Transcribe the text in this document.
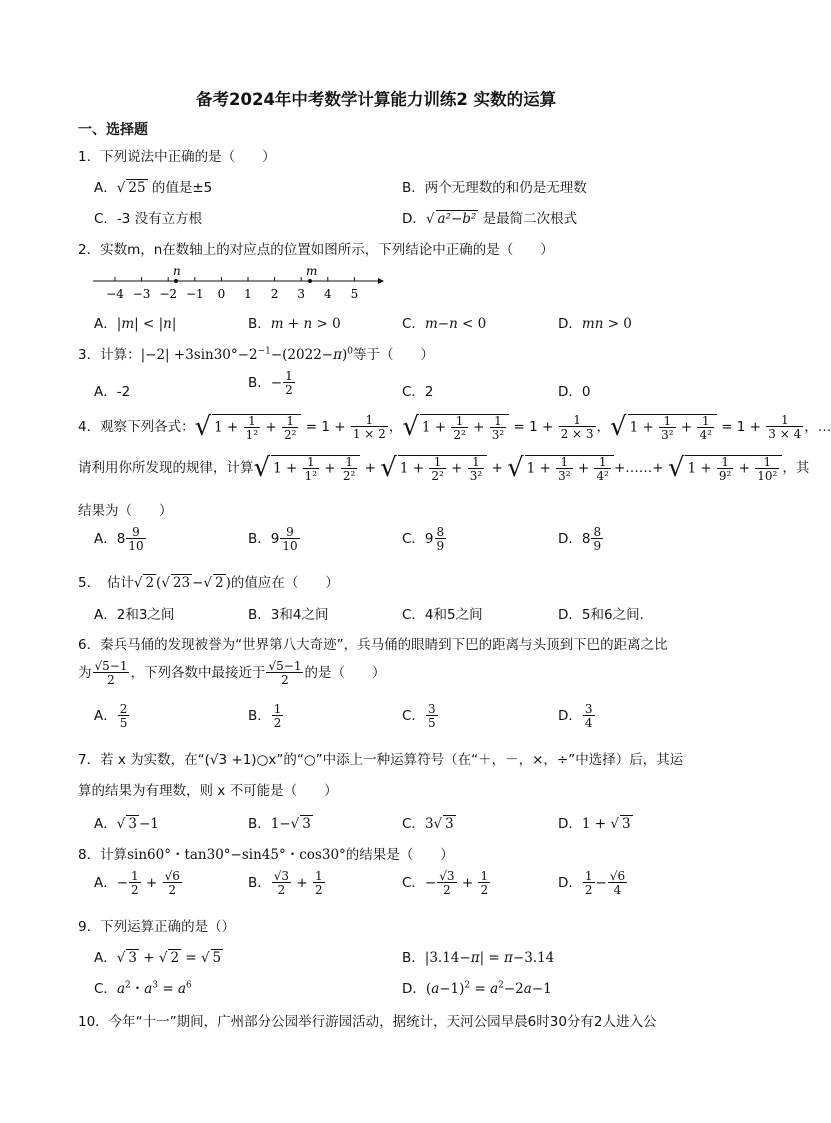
备考2024年中考数学计算能力训练2 实数的运算
一、选择题
1．下列说法中正确的是（　　）
A．√ 25 的值是±5	B．两个无理数的和仍是无理数
C．-3 没有立方根	D．√ a²−b² 是最简二次根式
2．实数m，n在数轴上的对应点的位置如图所示，下列结论中正确的是（　　）
−4 −3 −2 −1 0 1 2 3 4 5
n	m
A．|m| < |n|	B．m + n > 0	C．m−n < 0	D．mn > 0
3．计算：$|-2| +3\sin 30^\circ-2^{-1}-(2022-\pi)^0$等于（　　）
A．-2
B．− $\frac{1}{2}$	C．2	D．0
4．观察下列各式：√ $1 + \frac{1}{\text{1²}} + \frac{1}{\text{2²}} = 1 + \frac{1}{1 \times 2}$ ，√ $1 + \frac{1}{\text{2²}} + \frac{1}{\text{3²}} = 1 + \frac{1}{2 \times 3}$ ，√ $1 + \frac{1}{\text{3²}} + \frac{1}{\text{4²}} = 1 + \frac{1}{3 \times 4}$ ，…
请利用你所发现的规律，计算√ $1 + \frac{1}{\text{1²}} + \frac{1}{\text{2²}}$ + √ $1 + \frac{1}{\text{2²}} + \frac{1}{\text{3²}}$ + √ $1 + \frac{1}{\text{3²}} + \frac{1}{\text{4²}}$ +……+ √ $1 + \frac{1}{\text{9²}} + \frac{1}{\text{10²}}$ ，其
结果为（　　）
A．$8 \frac{9}{10}$	B．$9 \frac{9}{10}$	C．$9 \frac{8}{9}$	D．$8 \frac{8}{9}$
5．　估计√ 2 (√ 23 −√ 2 )的值应在（　　）
A．2和3之间	B．3和4之间	C．4和5之间	D．5和6之间．
6．秦兵马俑的发现被誉为“世界第八大奇迹”，兵马俑的眼睛到下巴的距离与头顶到下巴的距离之比
为 $\frac{√5-1}{2}$ ，下列各数中最接近于 $\frac{√5-1}{2}$ 的是（　　）
A． $\frac{2}{5}$	B． $\frac{1}{2}$	C． $\frac{3}{5}$	D． $\frac{3}{4}$
7．若 x 为实数，在“(√3 +1)○x”的“○”中添上一种运算符号（在“＋，－，×，÷”中选择）后，其运
算的结果为有理数，则 x 不可能是（　　）
A．√ 3 −1	B．1−√ 3	C．3√ 3	D．1 + √ 3
8．计算sin60°・tan30°−sin45°・cos30°的结果是（　　）
A．− $\frac{1}{2} + \frac{√6}{2}$	B． $\frac{√3}{2} + \frac{1}{2}$	C．− $\frac{√3}{2} + \frac{1}{2}$	D． $\frac{1}{2} - \frac{√6}{4}$
9．下列运算正确的是（）
A．√ 3 + √ 2 = √ 5	B．|3.14−π| = π−3.14
C．$a^2$・$a^3 = a^6$	D．$(a-1)^2 = a^2-2a-1$
10．今年“十一”期间，广州部分公园举行游园活动，据统计，天河公园早晨6时30分有2人进入公
